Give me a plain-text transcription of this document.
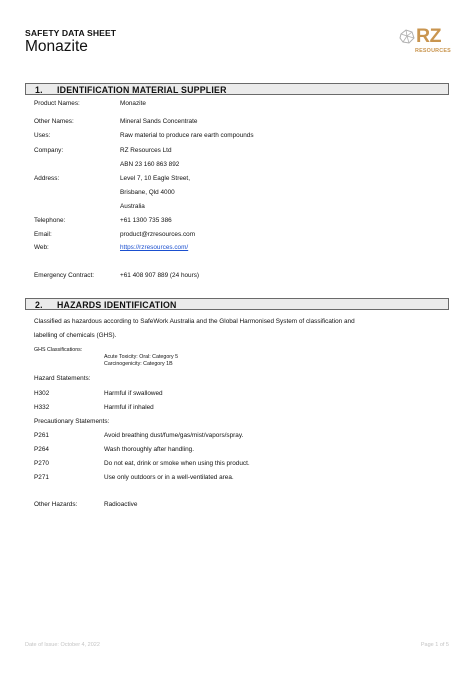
SAFETY DATA SHEET
Monazite	RZ
RESOURCES
1. IDENTIFICATION MATERIAL SUPPLIER
Product Names:	Monazite
Other Names:	Mineral Sands Concentrate
Uses:	Raw material to produce rare earth compounds
Company:	RZ Resources Ltd
ABN 23 160 863 892
Address:	Level 7, 10 Eagle Street,
Brisbane, Qld 4000
Australia
Telephone:	+61 1300 735 386
Email:	product@rzresources.com
Web:	https://rzresources.com/
Emergency Contract:	+61 408 907 889 (24 hours)
2. HAZARDS IDENTIFICATION
Classified as hazardous according to SafeWork Australia and the Global Harmonised System of classification and
labelling of chemicals (GHS).
GHS Classifications:
Acute Toxicity: Oral: Category 5
Carcinogenicity: Category 1B
Hazard Statements:
H302	Harmful if swallowed
H332	Harmful if inhaled
Precautionary Statements:
P261	Avoid breathing dust/fume/gas/mist/vapors/spray.
P264	Wash thoroughly after handling.
P270	Do not eat, drink or smoke when using this product.
P271	Use only outdoors or in a well-ventilated area.
Other Hazards:	Radioactive
Date of Issue: October 4, 2022	Page 1 of 5
